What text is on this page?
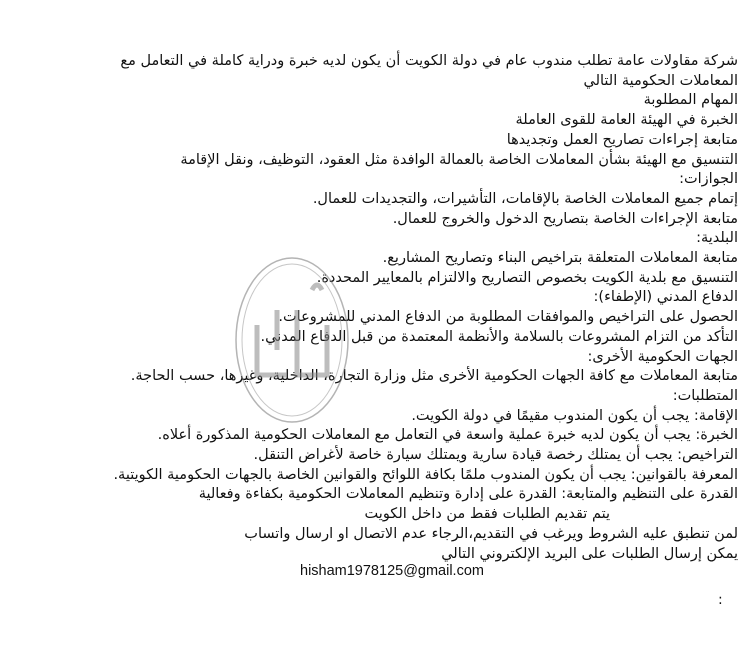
شركة مقاولات عامة تطلب مندوب عام في دولة الكويت أن يكون لديه خبرة ودراية كاملة في التعامل مع
المعاملات الحكومية التالي
المهام المطلوبة
الخبرة في الهيئة العامة للقوى العاملة
متابعة إجراءات تصاريح العمل وتجديدها
التنسيق مع الهيئة بشأن المعاملات الخاصة بالعمالة الوافدة مثل العقود، التوظيف، ونقل الإقامة
الجوازات:
إتمام جميع المعاملات الخاصة بالإقامات، التأشيرات، والتجديدات للعمال.
متابعة الإجراءات الخاصة بتصاريح الدخول والخروج للعمال.
البلدية:
متابعة المعاملات المتعلقة بتراخيص البناء وتصاريح المشاريع.
التنسيق مع بلدية الكويت بخصوص التصاريح والالتزام بالمعايير المحددة.
الدفاع المدني (الإطفاء):
الحصول على التراخيص والموافقات المطلوبة من الدفاع المدني للمشروعات.
التأكد من التزام المشروعات بالسلامة والأنظمة المعتمدة من قبل الدفاع المدني.
الجهات الحكومية الأخرى:
متابعة المعاملات مع كافة الجهات الحكومية الأخرى مثل وزارة التجارة، الداخلية، وغيرها، حسب الحاجة.
المتطلبات:
الإقامة: يجب أن يكون المندوب مقيمًا في دولة الكويت.
الخبرة: يجب أن يكون لديه خبرة عملية واسعة في التعامل مع المعاملات الحكومية المذكورة أعلاه.
التراخيص: يجب أن يمتلك رخصة قيادة سارية ويمتلك سيارة خاصة لأغراض التنقل.
المعرفة بالقوانين: يجب أن يكون المندوب ملمًا بكافة اللوائح والقوانين الخاصة بالجهات الحكومية الكويتية.
القدرة على التنظيم والمتابعة: القدرة على إدارة وتنظيم المعاملات الحكومية بكفاءة وفعالية
يتم تقديم الطلبات فقط من داخل الكويت
لمن تنطبق عليه الشروط ويرغب في التقديم،الرجاء عدم الاتصال او ارسال واتساب
يمكن إرسال الطلبات على البريد الإلكتروني التالي
hisham1978125@gmail.com
:
